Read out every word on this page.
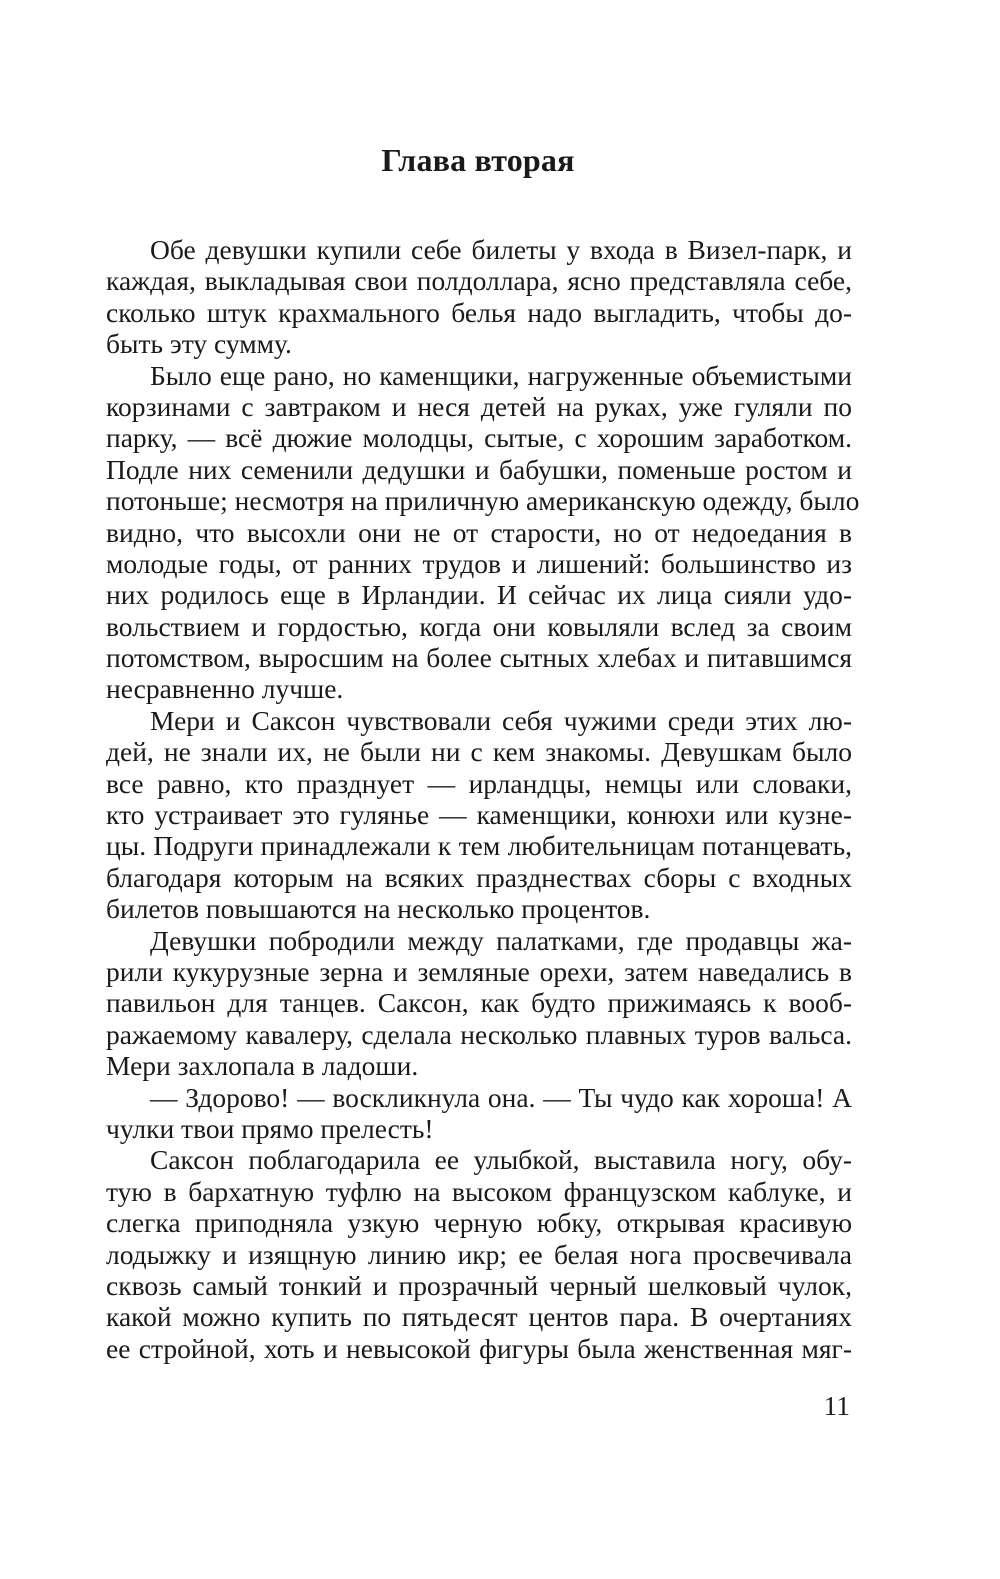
Глава вторая
Обе девушки купили себе билеты у входа в Визел-парк, и
каждая, выкладывая свои полдоллара, ясно представляла себе,
сколько штук крахмального белья надо выгладить, чтобы до-
быть эту сумму.
Было еще рано, но каменщики, нагруженные объемистыми
корзинами с завтраком и неся детей на руках, уже гуляли по
парку, — всё дюжие молодцы, сытые, с хорошим заработком.
Подле них семенили дедушки и бабушки, поменьше ростом и
потоньше; несмотря на приличную американскую одежду, было
видно, что высохли они не от старости, но от недоедания в
молодые годы, от ранних трудов и лишений: большинство из
них родилось еще в Ирландии. И сейчас их лица сияли удо-
вольствием и гордостью, когда они ковыляли вслед за своим
потомством, выросшим на более сытных хлебах и питавшимся
несравненно лучше.
Мери и Саксон чувствовали себя чужими среди этих лю-
дей, не знали их, не были ни с кем знакомы. Девушкам было
все равно, кто празднует — ирландцы, немцы или словаки,
кто устраивает это гулянье — каменщики, конюхи или кузне-
цы. Подруги принадлежали к тем любительницам потанцевать,
благодаря которым на всяких празднествах сборы с входных
билетов повышаются на несколько процентов.
Девушки побродили между палатками, где продавцы жа-
рили кукурузные зерна и земляные орехи, затем наведались в
павильон для танцев. Саксон, как будто прижимаясь к вооб-
ражаемому кавалеру, сделала несколько плавных туров вальса.
Мери захлопала в ладоши.
— Здорово! — воскликнула она. — Ты чудо как хороша! А
чулки твои прямо прелесть!
Саксон поблагодарила ее улыбкой, выставила ногу, обу-
тую в бархатную туфлю на высоком французском каблуке, и
слегка приподняла узкую черную юбку, открывая красивую
лодыжку и изящную линию икр; ее белая нога просвечивала
сквозь самый тонкий и прозрачный черный шелковый чулок,
какой можно купить по пятьдесят центов пара. В очертаниях
ее стройной, хоть и невысокой фигуры была женственная мяг-
11
